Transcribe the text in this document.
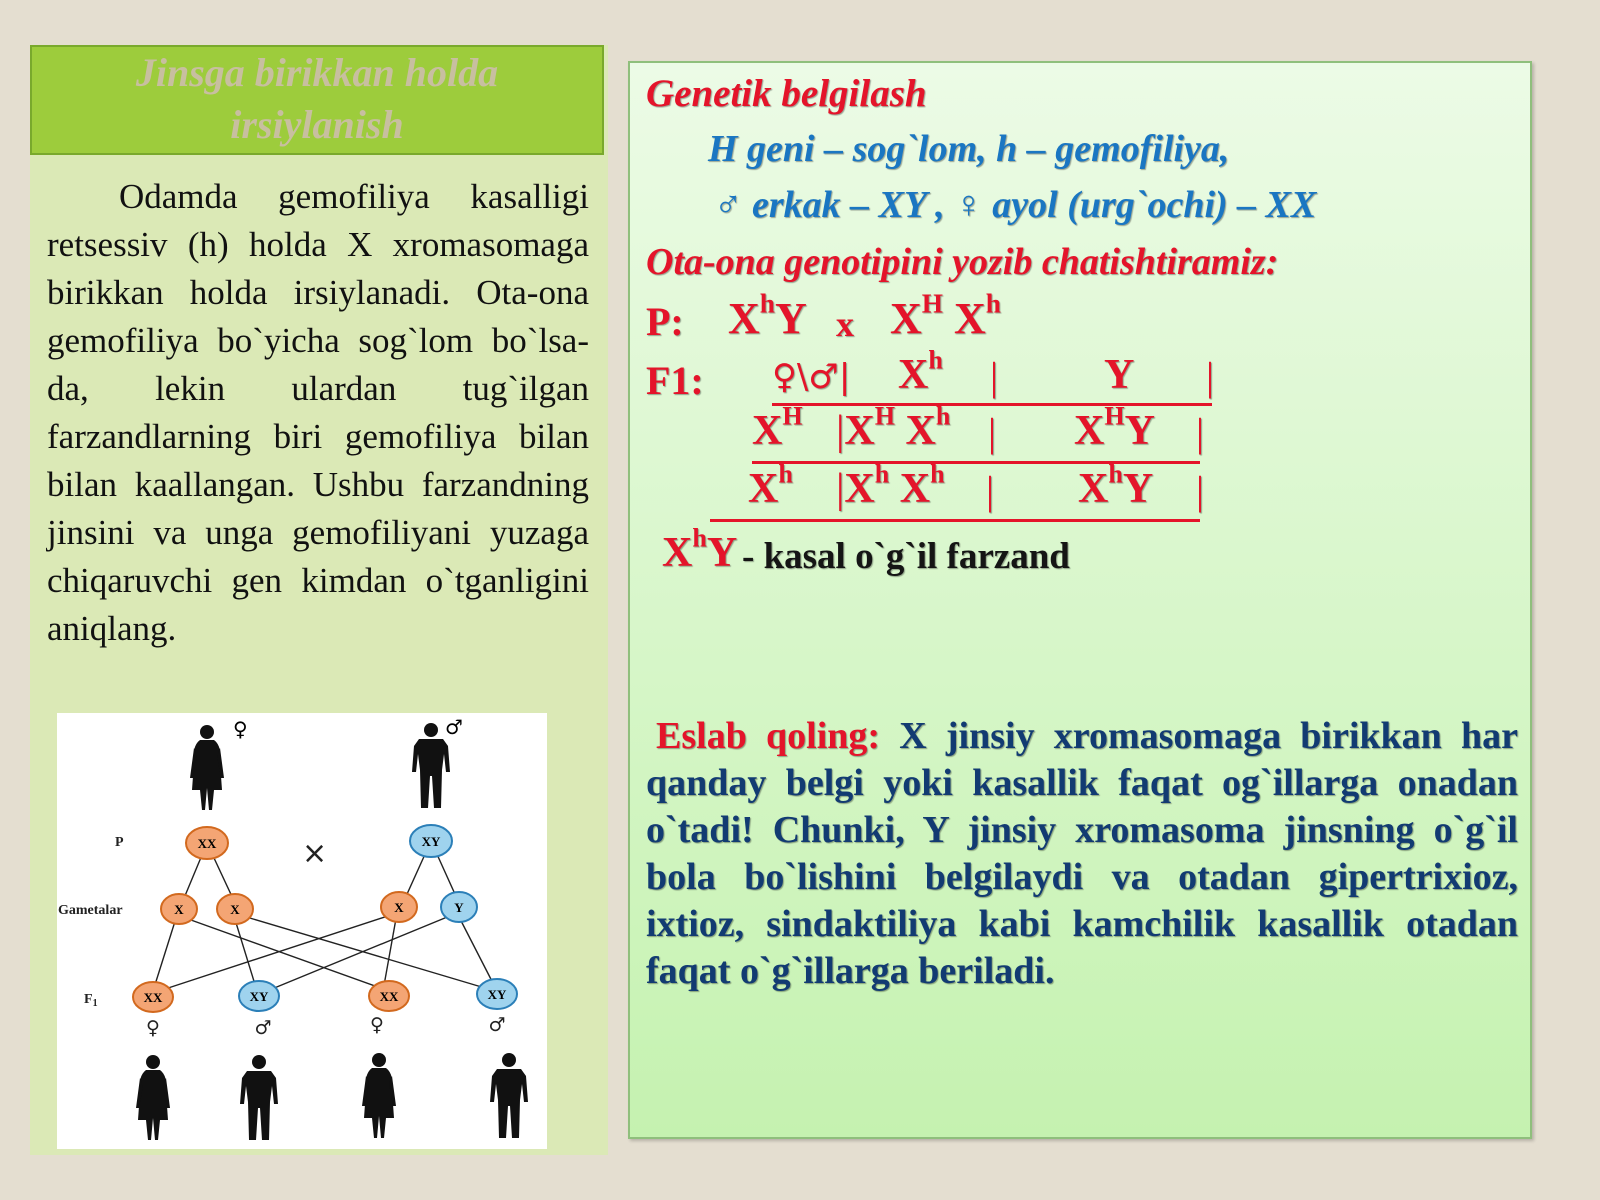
Jinsga birikkan holda
irsiylanish

Odamda gemofiliya kasalligi retsessiv (h) holda X xromasomaga birikkan holda irsiylanadi. Ota-ona gemofiliya bo`yicha sog`lom bo`lsa-da, lekin ulardan tug`ilgan farzandlarning biri gemofiliya bilan bilan kaallangan. Ushbu farzandning jinsini va unga gemofiliyani yuzaga chiqaruvchi gen kimdan o`tganligini aniqlang.

♀	♂
P
Gametalar
$F_1$
×
XX	XY
X	X	X	Y
XX	XY	XX	XY
♀	♂	♀	♂
Genetik belgilash
H geni – sog`lom, h – gemofiliya,
♂ erkak – XY , ♀ ayol (urg`ochi) – XX
Ota-ona genotipini yozib chatishtiramiz:
P: $X^hY$ x $X^H$ $X^h$
F1: ♀\♂| $X^h$ |	Y |
$X^H$ $|X^H$ $X^h$ | $X^HY$ |
$X^h$ $|X^h$ $X^h$ | $X^hY$ |
$X^hY$ - kasal o`g`il farzand

Eslab qoling: X jinsiy xromasomaga birikkan har qanday belgi yoki kasallik faqat og`illarga onadan o`tadi! Chunki, Y jinsiy xromasoma jinsning o`g`il bola bo`lishini belgilaydi va otadan gipertrixioz, ixtioz, sindaktiliya kabi kamchilik kasallik otadan faqat o`g`illarga beriladi.
